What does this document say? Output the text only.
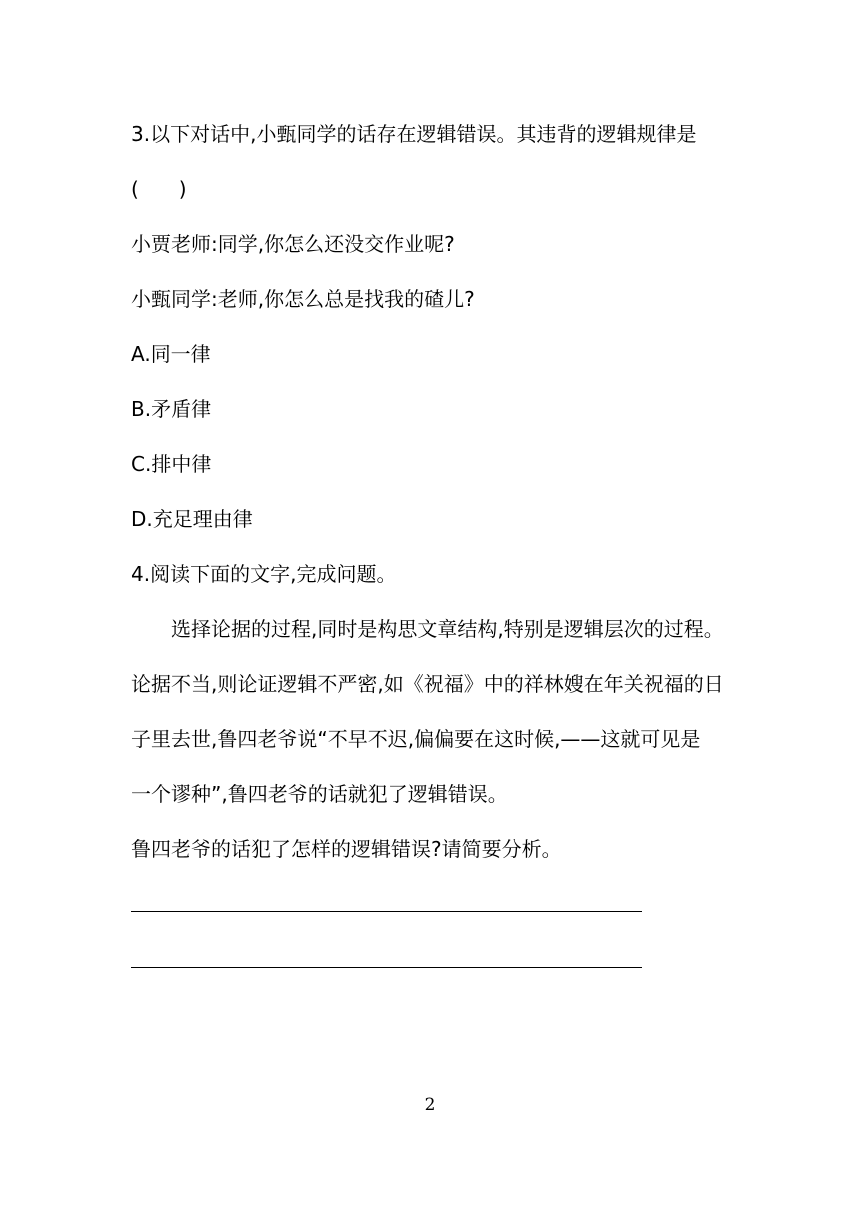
3.以下对话中,小甄同学的话存在逻辑错误。其违背的逻辑规律是
(　　)
小贾老师:同学,你怎么还没交作业呢?
小甄同学:老师,你怎么总是找我的碴儿?
A.同一律
B.矛盾律
C.排中律
D.充足理由律
4.阅读下面的文字,完成问题。
选择论据的过程,同时是构思文章结构,特别是逻辑层次的过程。
论据不当,则论证逻辑不严密,如《祝福》中的祥林嫂在年关祝福的日
子里去世,鲁四老爷说“不早不迟,偏偏要在这时候,——这就可见是
一个谬种”,鲁四老爷的话就犯了逻辑错误。
鲁四老爷的话犯了怎样的逻辑错误?请简要分析。
2
